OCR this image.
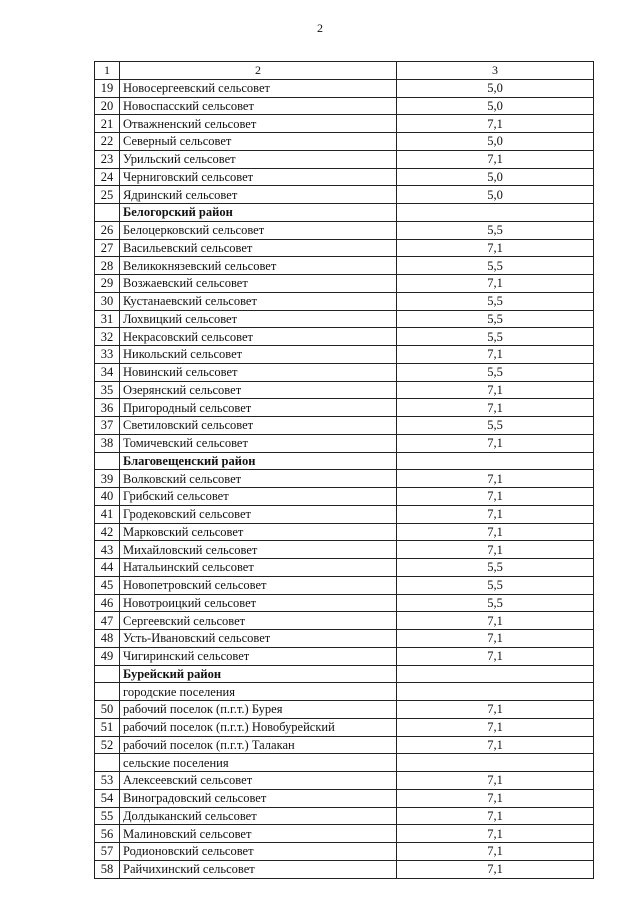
2
1	2	3
19	Новосергеевский сельсовет	5,0
20	Новоспасский сельсовет	5,0
21	Отважненский сельсовет	7,1
22	Северный сельсовет	5,0
23	Урильский сельсовет	7,1
24	Черниговский сельсовет	5,0
25	Ядринский сельсовет	5,0
	Белогорский район	
26	Белоцерковский сельсовет	5,5
27	Васильевский сельсовет	7,1
28	Великокнязевский сельсовет	5,5
29	Возжаевский сельсовет	7,1
30	Кустанаевский сельсовет	5,5
31	Лохвицкий сельсовет	5,5
32	Некрасовский сельсовет	5,5
33	Никольский сельсовет	7,1
34	Новинский сельсовет	5,5
35	Озерянский сельсовет	7,1
36	Пригородный сельсовет	7,1
37	Светиловский сельсовет	5,5
38	Томичевский сельсовет	7,1
	Благовещенский район	
39	Волковский сельсовет	7,1
40	Грибский сельсовет	7,1
41	Гродековский сельсовет	7,1
42	Марковский сельсовет	7,1
43	Михайловский сельсовет	7,1
44	Натальинский сельсовет	5,5
45	Новопетровский сельсовет	5,5
46	Новотроицкий сельсовет	5,5
47	Сергеевский сельсовет	7,1
48	Усть-Ивановский сельсовет	7,1
49	Чигиринский сельсовет	7,1
	Бурейский район	
	городские поселения	
50	рабочий поселок (п.г.т.) Бурея	7,1
51	рабочий поселок (п.г.т.) Новобурейский	7,1
52	рабочий поселок (п.г.т.) Талакан	7,1
	сельские поселения	
53	Алексеевский сельсовет	7,1
54	Виноградовский сельсовет	7,1
55	Долдыканский сельсовет	7,1
56	Малиновский сельсовет	7,1
57	Родионовский сельсовет	7,1
58	Райчихинский сельсовет	7,1
